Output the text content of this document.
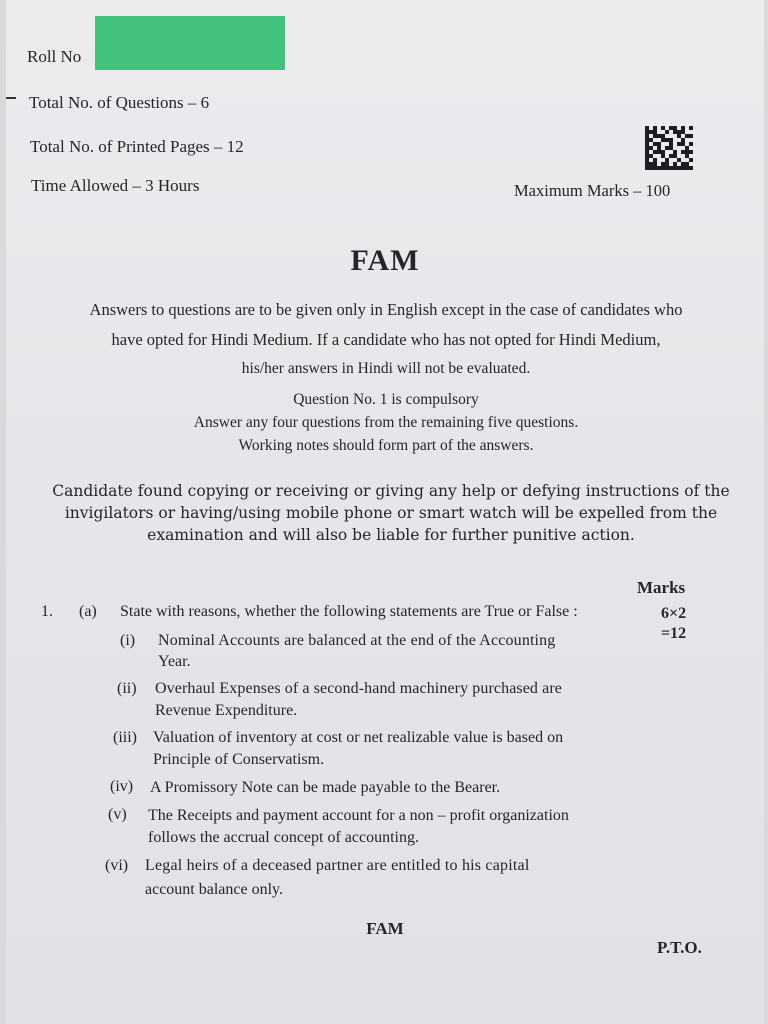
Roll No
Total No. of Questions – 6
Total No. of Printed Pages – 12
Time Allowed – 3 Hours	Maximum Marks – 100
FAM
Answers to questions are to be given only in English except in the case of candidates who
have opted for Hindi Medium. If a candidate who has not opted for Hindi Medium,
his/her answers in Hindi will not be evaluated.
Question No. 1 is compulsory
Answer any four questions from the remaining five questions.
Working notes should form part of the answers.
Candidate found copying or receiving or giving any help or defying instructions of the
invigilators or having/using mobile phone or smart watch will be expelled from the
examination and will also be liable for further punitive action.
Marks
1. (a) State with reasons, whether the following statements are True or False :	6×2
=12
(i) Nominal Accounts are balanced at the end of the Accounting
Year.
(ii) Overhaul Expenses of a second-hand machinery purchased are
Revenue Expenditure.
(iii) Valuation of inventory at cost or net realizable value is based on
Principle of Conservatism.
(iv) A Promissory Note can be made payable to the Bearer.
(v) The Receipts and payment account for a non – profit organization
follows the accrual concept of accounting.
(vi) Legal heirs of a deceased partner are entitled to his capital
account balance only.
FAM
P.T.O.
